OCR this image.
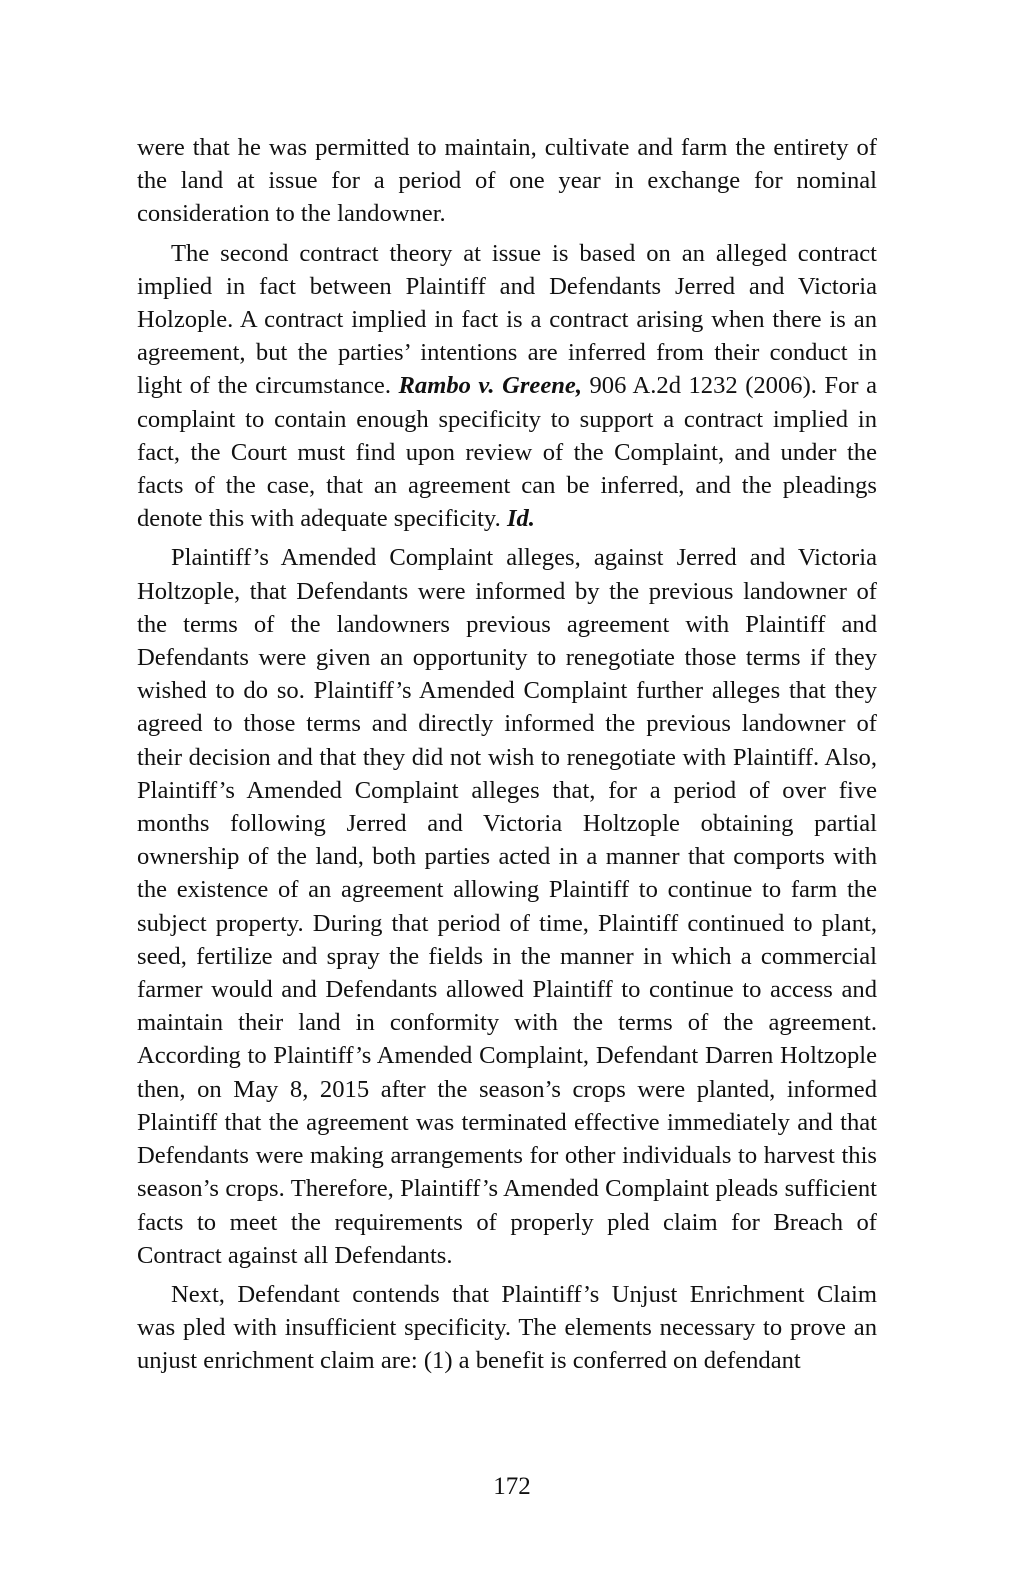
were that he was permitted to maintain, cultivate and farm the entirety of the land at issue for a period of one year in exchange for nominal consideration to the landowner.

The second contract theory at issue is based on an alleged contract implied in fact between Plaintiff and Defendants Jerred and Victoria Holzople. A contract implied in fact is a contract arising when there is an agreement, but the parties’ intentions are inferred from their conduct in light of the circumstance. Rambo v. Greene, 906 A.2d 1232 (2006). For a complaint to contain enough specificity to support a contract implied in fact, the Court must find upon review of the Complaint, and under the facts of the case, that an agreement can be inferred, and the pleadings denote this with adequate specificity. Id.

Plaintiff’s Amended Complaint alleges, against Jerred and Victoria Holtzople, that Defendants were informed by the previous landowner of the terms of the landowners previous agreement with Plaintiff and Defendants were given an opportunity to renegotiate those terms if they wished to do so. Plaintiff’s Amended Complaint further alleges that they agreed to those terms and directly informed the previous landowner of their decision and that they did not wish to renegotiate with Plaintiff. Also, Plaintiff’s Amended Complaint alleges that, for a period of over five months following Jerred and Victoria Holtzople obtaining partial ownership of the land, both parties acted in a manner that comports with the existence of an agreement allowing Plaintiff to continue to farm the subject property. During that period of time, Plaintiff continued to plant, seed, fertilize and spray the fields in the manner in which a commercial farmer would and Defendants allowed Plaintiff to continue to access and maintain their land in conformity with the terms of the agreement. According to Plaintiff’s Amended Complaint, Defendant Darren Holtzople then, on May 8, 2015 after the season’s crops were planted, informed Plaintiff that the agreement was terminated effective immediately and that Defendants were making arrangements for other individuals to harvest this season’s crops. Therefore, Plaintiff’s Amended Complaint pleads sufficient facts to meet the requirements of properly pled claim for Breach of Contract against all Defendants.

Next, Defendant contends that Plaintiff’s Unjust Enrichment Claim was pled with insufficient specificity. The elements necessary to prove an unjust enrichment claim are: (1) a benefit is conferred on defendant

172
